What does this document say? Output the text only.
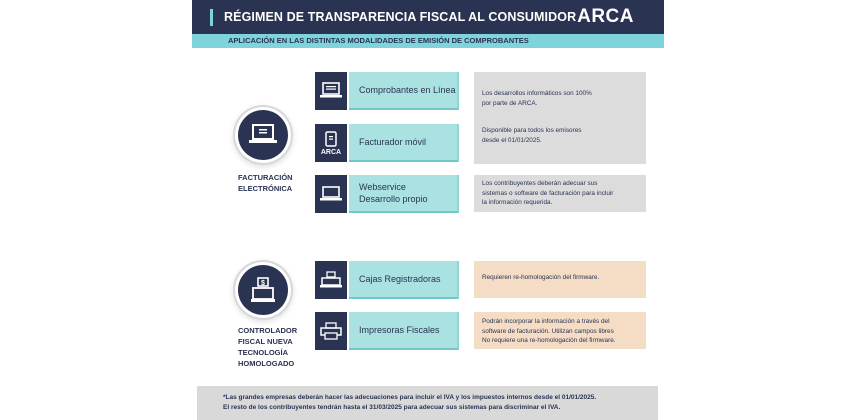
RÉGIMEN DE TRANSPARENCIA FISCAL AL CONSUMIDOR ARCA
APLICACIÓN EN LAS DISTINTAS MODALIDADES DE EMISIÓN DE COMPROBANTES
FACTURACIÓN
ELECTRÓNICA
Comprobantes en Línea	Los desarrollos informáticos son 100%
por parte de ARCA.
Disponible para todos los emisores
desde el 01/01/2025.
ARCA
Facturador móvil
Webservice
Desarrollo propio
Los contribuyentes deberán adecuar sus
sistemas o software de facturación para incluir
la información requerida.
$
CONTROLADOR
FISCAL NUEVA
TECNOLOGÍA
HOMOLOGADO
Cajas Registradoras	Requieren re-homologación del firmware.
Impresoras Fiscales
Podrán incorporar la información a través del
software de facturación. Utilizan campos libres
No requiere una re-homologación del firmware.
*Las grandes empresas deberán hacer las adecuaciones para incluir el IVA y los impuestos internos desde el 01/01/2025.
El resto de los contribuyentes tendrán hasta el 31/03/2025 para adecuar sus sistemas para discriminar el IVA.
